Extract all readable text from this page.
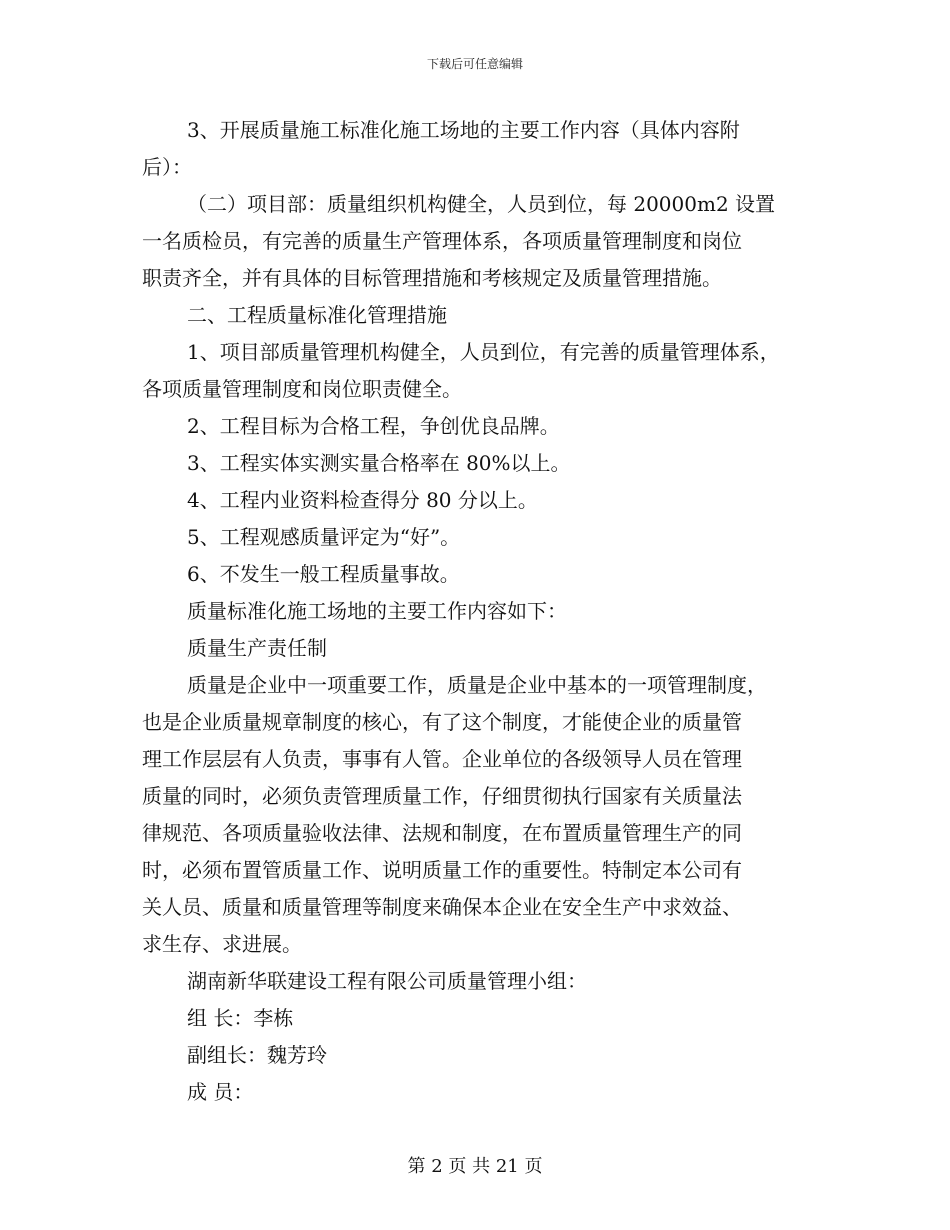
下载后可任意编辑
3、开展质量施工标准化施工场地的主要工作内容（具体内容附
后）：
（二）项目部：质量组织机构健全，人员到位，每 20000m2 设置
一名质检员，有完善的质量生产管理体系，各项质量管理制度和岗位
职责齐全，并有具体的目标管理措施和考核规定及质量管理措施。
二、工程质量标准化管理措施
1、项目部质量管理机构健全，人员到位，有完善的质量管理体系，
各项质量管理制度和岗位职责健全。
2、工程目标为合格工程，争创优良品牌。
3、工程实体实测实量合格率在 80%以上。
4、工程内业资料检查得分 80 分以上。
5、工程观感质量评定为“好”。
6、不发生一般工程质量事故。
质量标准化施工场地的主要工作内容如下：
质量生产责任制
质量是企业中一项重要工作，质量是企业中基本的一项管理制度，
也是企业质量规章制度的核心，有了这个制度，才能使企业的质量管
理工作层层有人负责，事事有人管。企业单位的各级领导人员在管理
质量的同时，必须负责管理质量工作，仔细贯彻执行国家有关质量法
律规范、各项质量验收法律、法规和制度，在布置质量管理生产的同
时，必须布置管质量工作、说明质量工作的重要性。特制定本公司有
关人员、质量和质量管理等制度来确保本企业在安全生产中求效益、
求生存、求进展。
湖南新华联建设工程有限公司质量管理小组：
组 长：李栋
副组长：魏芳玲
成 员：
第 2 页 共 21 页
